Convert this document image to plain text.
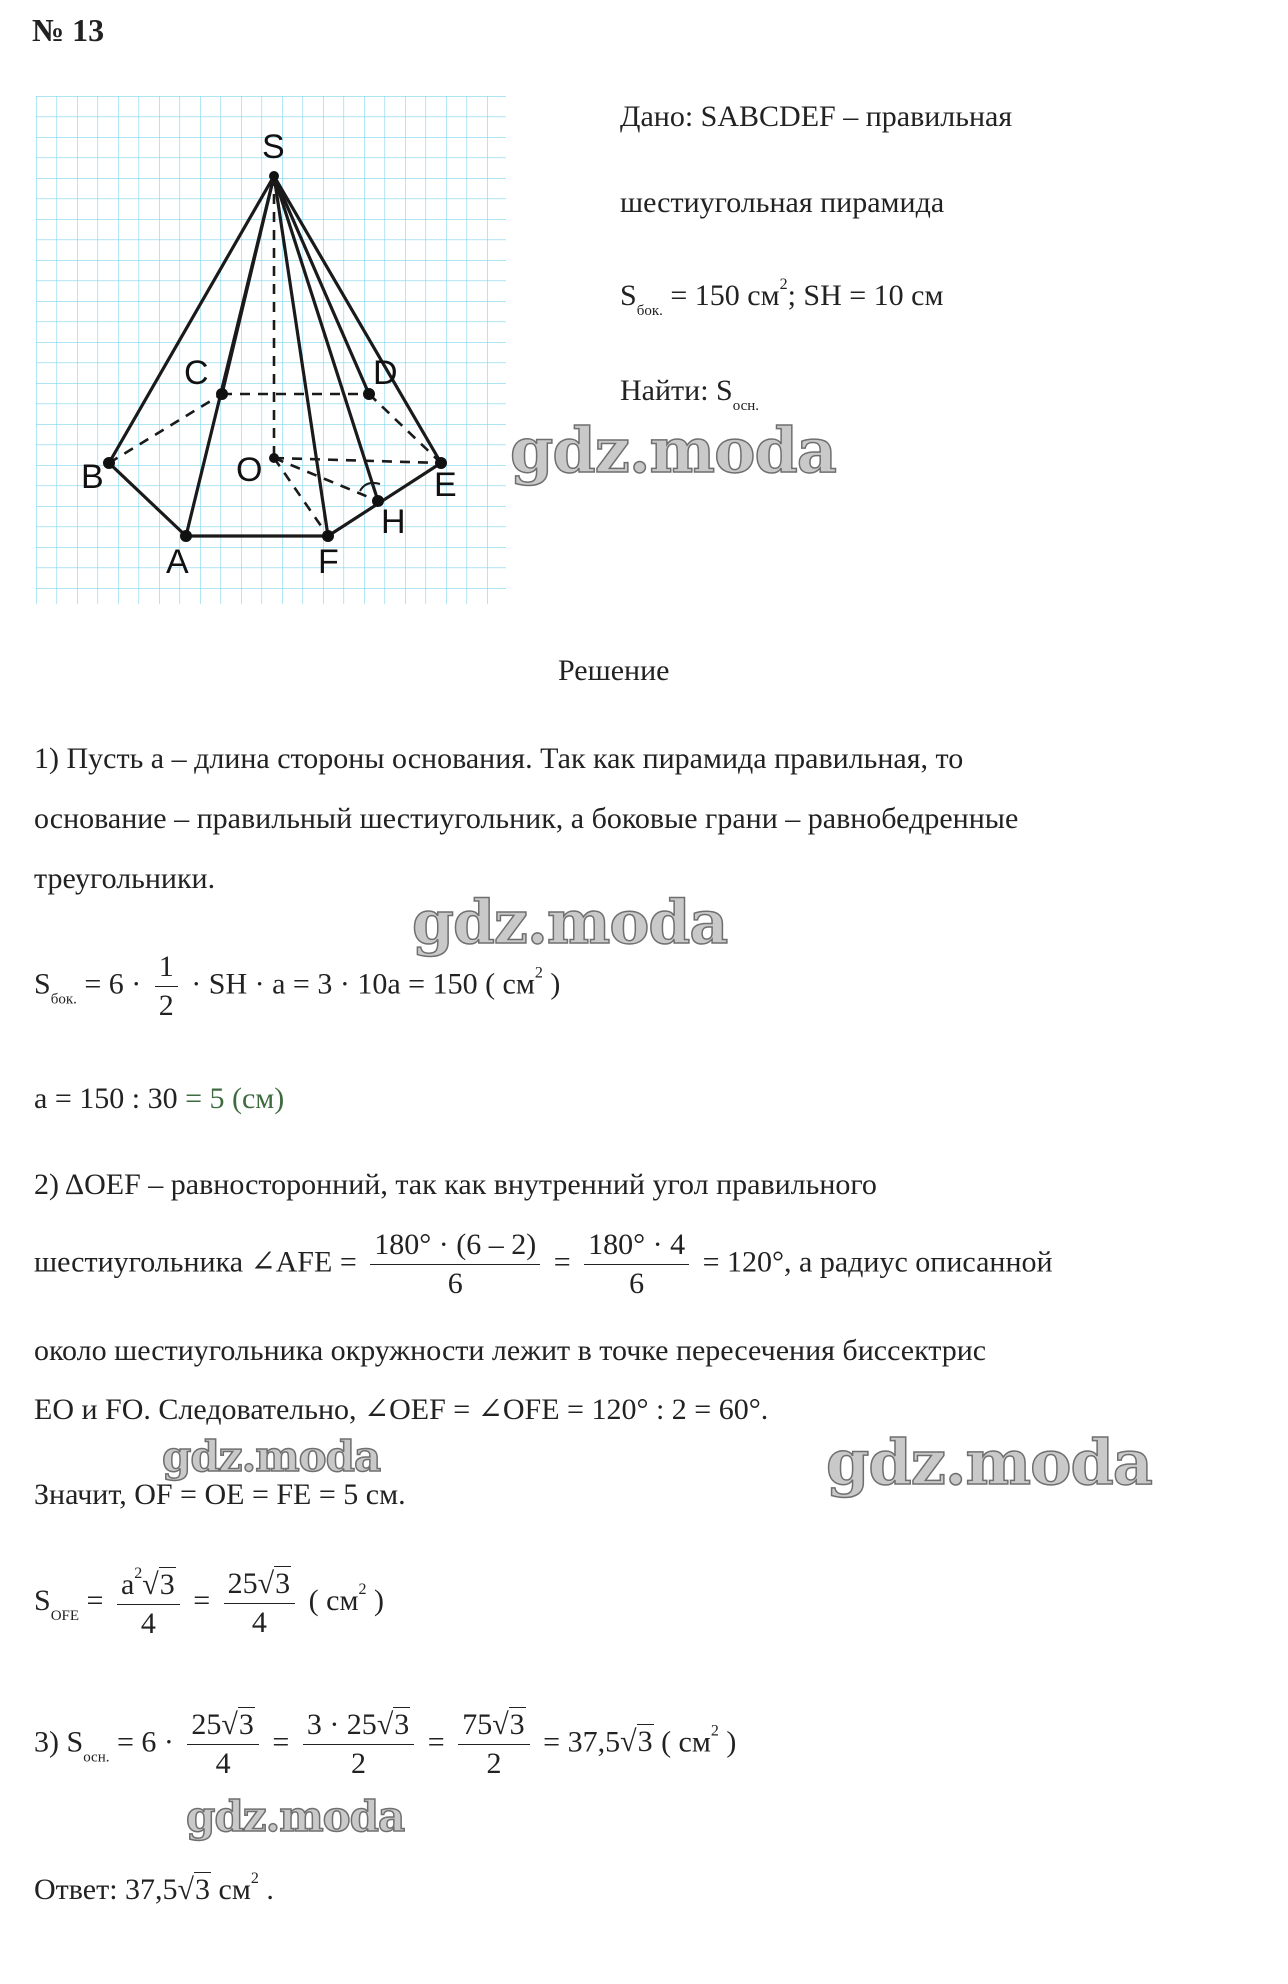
№ 13
S
C	D
B	O	E
H
A	F
Дано: SABCDEF – правильная
шестиугольная пирамида
$S_{бок.} = 150$ $см^2$; SH = 10 см
Найти: $S_{осн.}$
Решение
1) Пусть a – длина стороны основания. Так как пирамида правильная, то
основание – правильный шестиугольник, а боковые грани – равнобедренные
треугольники.
$S_{бок.} = 6 \cdot \frac{1}{2}$ · SH · a = 3 · 10a = 150 ( $см^2$ )
a = 150 : 30 = 5 (см)
2) ΔOEF – равносторонний, так как внутренний угол правильного
шестиугольника ∠AFE = $\frac{180^\circ \cdot (6 - 2)}{6} = \frac{180^\circ \cdot 4}{6} = 120^\circ$, а радиус описанной
около шестиугольника окружности лежит в точке пересечения биссектрис
EO и FO. Следовательно, ∠OEF = ∠OFE = 120° : 2 = 60°.
Значит, OF = OE = FE = 5 см.
$S_{OFE} = \frac{a^2√3}{4} = \frac{25√3}{4}$ ( $см^2$ )
3) $S_{осн.} = 6 \cdot \frac{25√3}{4} = \frac{3 \cdot 25√3}{2} = \frac{75√3}{2} = 37,5√3$ ( $см^2$ )
Ответ: 37,5√3 $см^2$ .
gdz.moda
gdz.moda
gdz.moda	gdz.moda
gdz.moda
